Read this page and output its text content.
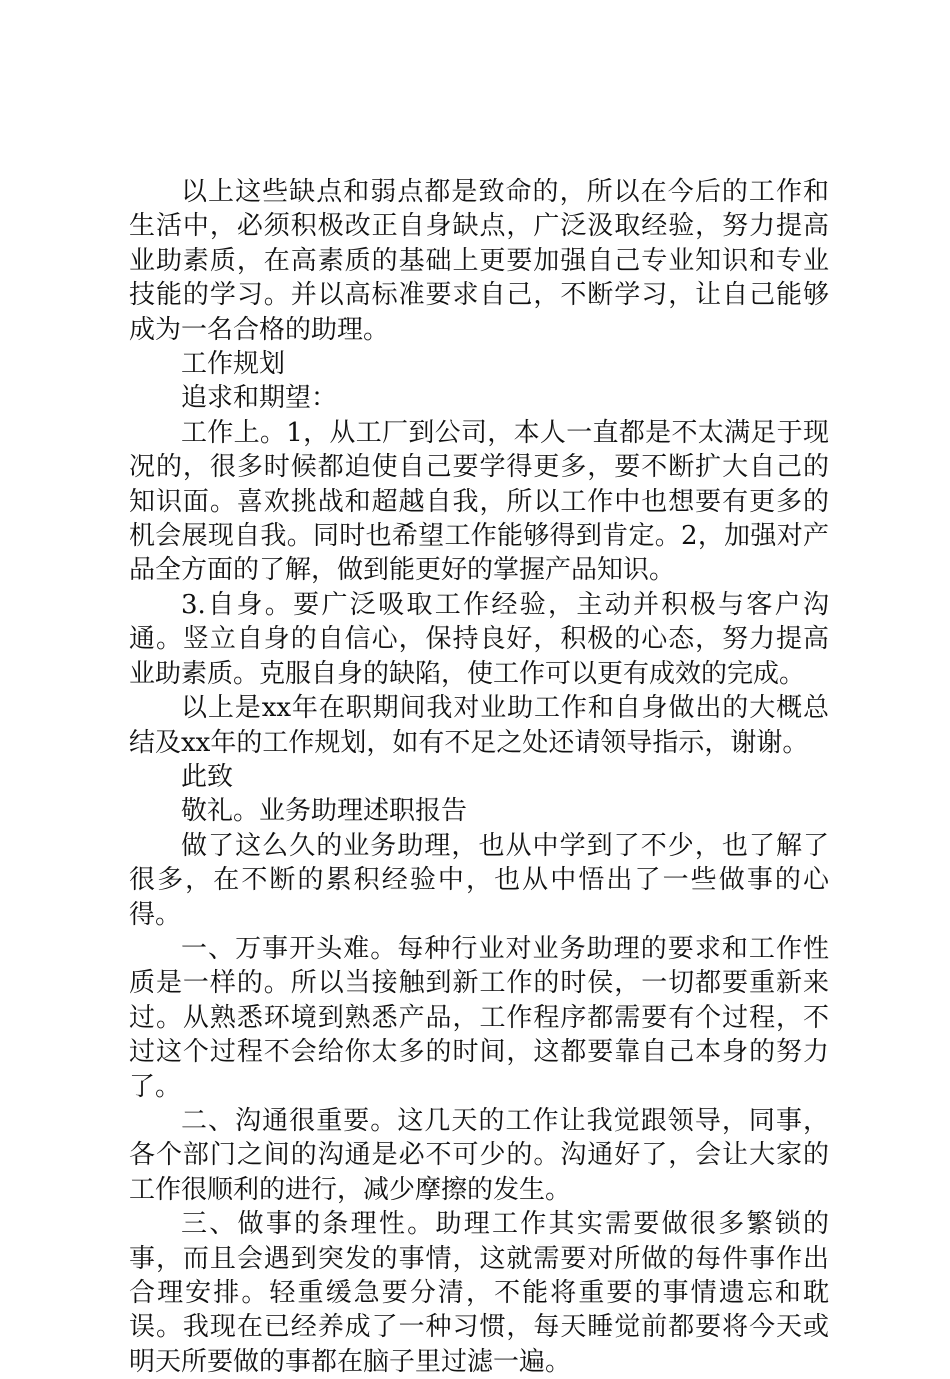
以上这些缺点和弱点都是致命的，所以在今后的工作和生活中，必须积极改正自身缺点，广泛汲取经验，努力提高业助素质，在高素质的基础上更要加强自己专业知识和专业技能的学习。并以高标准要求自己，不断学习，让自己能够成为一名合格的助理。

工作规划

追求和期望：

工作上。1，从工厂到公司，本人一直都是不太满足于现况的，很多时候都迫使自己要学得更多，要不断扩大自己的知识面。喜欢挑战和超越自我，所以工作中也想要有更多的机会展现自我。同时也希望工作能够得到肯定。2，加强对产品全方面的了解，做到能更好的掌握产品知识。

3.自身。要广泛吸取工作经验，主动并积极与客户沟通。竖立自身的自信心，保持良好，积极的心态，努力提高业助素质。克服自身的缺陷，使工作可以更有成效的完成。

以上是xx年在职期间我对业助工作和自身做出的大概总结及xx年的工作规划，如有不足之处还请领导指示，谢谢。

此致

敬礼。业务助理述职报告

做了这么久的业务助理，也从中学到了不少，也了解了很多，在不断的累积经验中，也从中悟出了一些做事的心得。

一、万事开头难。每种行业对业务助理的要求和工作性质是一样的。所以当接触到新工作的时侯，一切都要重新来过。从熟悉环境到熟悉产品，工作程序都需要有个过程，不过这个过程不会给你太多的时间，这都要靠自己本身的努力了。

二、沟通很重要。这几天的工作让我觉跟领导，同事，各个部门之间的沟通是必不可少的。沟通好了，会让大家的工作很顺利的进行，减少摩擦的发生。

三、做事的条理性。助理工作其实需要做很多繁锁的事，而且会遇到突发的事情，这就需要对所做的每件事作出合理安排。轻重缓急要分清，不能将重要的事情遗忘和耽误。我现在已经养成了一种习惯，每天睡觉前都要将今天或明天所要做的事都在脑子里过滤一遍。
